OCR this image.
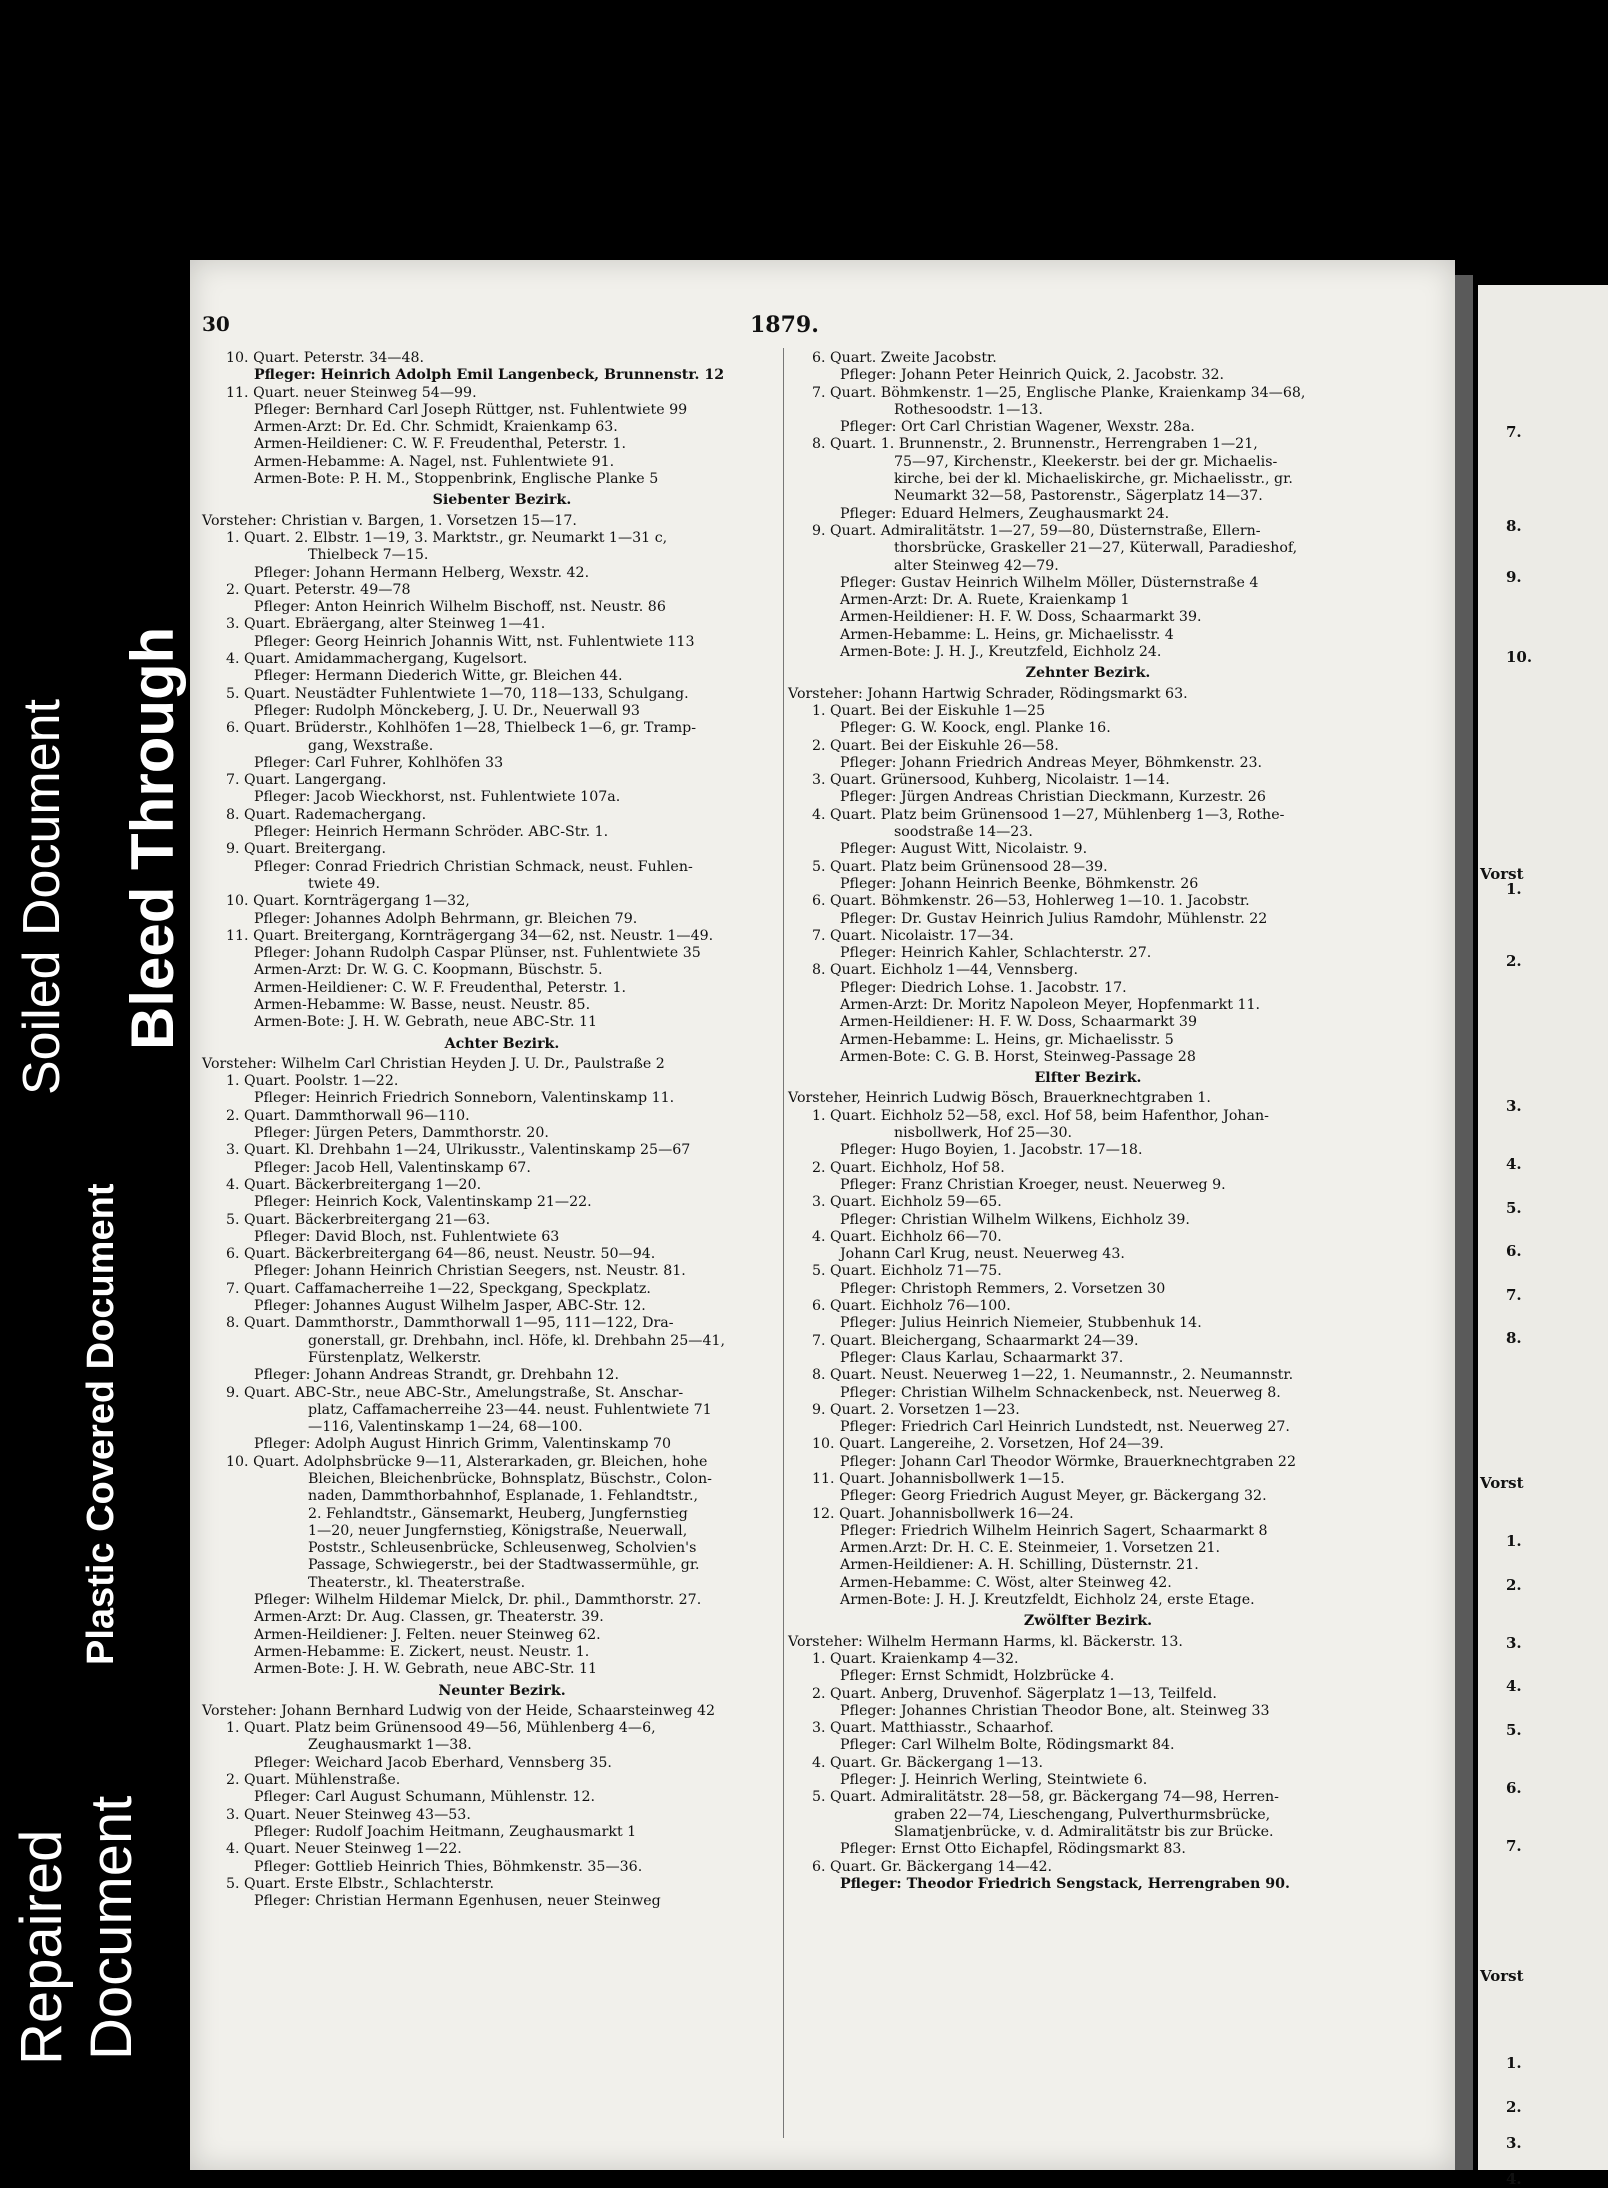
Soiled Document Bleed Through
Plastic Covered Document
Repaired Document
30	1879.
10. Quart. Peterstr. 34—48.
Pfleger: Heinrich Adolph Emil Langenbeck, Brunnenstr. 12
11. Quart. neuer Steinweg 54—99.
Pfleger: Bernhard Carl Joseph Rüttger, nst. Fuhlentwiete 99
Armen-Arzt: Dr. Ed. Chr. Schmidt, Kraienkamp 63.
Armen-Heildiener: C. W. F. Freudenthal, Peterstr. 1.
Armen-Hebamme: A. Nagel, nst. Fuhlentwiete 91.
Armen-Bote: P. H. M., Stoppenbrink, Englische Planke 5
Siebenter Bezirk.
Vorsteher: Christian v. Bargen, 1. Vorsetzen 15—17.
1. Quart. 2. Elbstr. 1—19, 3. Marktstr., gr. Neumarkt 1—31 c,
Thielbeck 7—15.
Pfleger: Johann Hermann Helberg, Wexstr. 42.
2. Quart. Peterstr. 49—78
Pfleger: Anton Heinrich Wilhelm Bischoff, nst. Neustr. 86
3. Quart. Ebräergang, alter Steinweg 1—41.
Pfleger: Georg Heinrich Johannis Witt, nst. Fuhlentwiete 113
4. Quart. Amidammachergang, Kugelsort.
Pfleger: Hermann Diederich Witte, gr. Bleichen 44.
5. Quart. Neustädter Fuhlentwiete 1—70, 118—133, Schulgang.
Pfleger: Rudolph Mönckeberg, J. U. Dr., Neuerwall 93
6. Quart. Brüderstr., Kohlhöfen 1—28, Thielbeck 1—6, gr. Tramp-
gang, Wexstraße.
Pfleger: Carl Fuhrer, Kohlhöfen 33
7. Quart. Langergang.
Pfleger: Jacob Wieckhorst, nst. Fuhlentwiete 107a.
8. Quart. Rademachergang.
Pfleger: Heinrich Hermann Schröder. ABC-Str. 1.
9. Quart. Breitergang.
Pfleger: Conrad Friedrich Christian Schmack, neust. Fuhlen-
twiete 49.
10. Quart. Kornträgergang 1—32,
Pfleger: Johannes Adolph Behrmann, gr. Bleichen 79.
11. Quart. Breitergang, Kornträgergang 34—62, nst. Neustr. 1—49.
Pfleger: Johann Rudolph Caspar Plünser, nst. Fuhlentwiete 35
Armen-Arzt: Dr. W. G. C. Koopmann, Büschstr. 5.
Armen-Heildiener: C. W. F. Freudenthal, Peterstr. 1.
Armen-Hebamme: W. Basse, neust. Neustr. 85.
Armen-Bote: J. H. W. Gebrath, neue ABC-Str. 11
Achter Bezirk.
Vorsteher: Wilhelm Carl Christian Heyden J. U. Dr., Paulstraße 2
1. Quart. Poolstr. 1—22.
Pfleger: Heinrich Friedrich Sonneborn, Valentinskamp 11.
2. Quart. Dammthorwall 96—110.
Pfleger: Jürgen Peters, Dammthorstr. 20.
3. Quart. Kl. Drehbahn 1—24, Ulrikusstr., Valentinskamp 25—67
Pfleger: Jacob Hell, Valentinskamp 67.
4. Quart. Bäckerbreitergang 1—20.
Pfleger: Heinrich Kock, Valentinskamp 21—22.
5. Quart. Bäckerbreitergang 21—63.
Pfleger: David Bloch, nst. Fuhlentwiete 63
6. Quart. Bäckerbreitergang 64—86, neust. Neustr. 50—94.
Pfleger: Johann Heinrich Christian Seegers, nst. Neustr. 81.
7. Quart. Caffamacherreihe 1—22, Speckgang, Speckplatz.
Pfleger: Johannes August Wilhelm Jasper, ABC-Str. 12.
8. Quart. Dammthorstr., Dammthorwall 1—95, 111—122, Dra-
gonerstall, gr. Drehbahn, incl. Höfe, kl. Drehbahn 25—41,
Fürstenplatz, Welkerstr.
Pfleger: Johann Andreas Strandt, gr. Drehbahn 12.
9. Quart. ABC-Str., neue ABC-Str., Amelungstraße, St. Anschar-
platz, Caffamacherreihe 23—44. neust. Fuhlentwiete 71
—116, Valentinskamp 1—24, 68—100.
Pfleger: Adolph August Hinrich Grimm, Valentinskamp 70
10. Quart. Adolphsbrücke 9—11, Alsterarkaden, gr. Bleichen, hohe
Bleichen, Bleichenbrücke, Bohnsplatz, Büschstr., Colon-
naden, Dammthorbahnhof, Esplanade, 1. Fehlandtstr.,
2. Fehlandtstr., Gänsemarkt, Heuberg, Jungfernstieg
1—20, neuer Jungfernstieg, Königstraße, Neuerwall,
Poststr., Schleusenbrücke, Schleusenweg, Scholvien's
Passage, Schwiegerstr., bei der Stadtwassermühle, gr.
Theaterstr., kl. Theaterstraße.
Pfleger: Wilhelm Hildemar Mielck, Dr. phil., Dammthorstr. 27.
Armen-Arzt: Dr. Aug. Classen, gr. Theaterstr. 39.
Armen-Heildiener: J. Felten. neuer Steinweg 62.
Armen-Hebamme: E. Zickert, neust. Neustr. 1.
Armen-Bote: J. H. W. Gebrath, neue ABC-Str. 11
Neunter Bezirk.
Vorsteher: Johann Bernhard Ludwig von der Heide, Schaarsteinweg 42
1. Quart. Platz beim Grünensood 49—56, Mühlenberg 4—6,
Zeughausmarkt 1—38.
Pfleger: Weichard Jacob Eberhard, Vennsberg 35.
2. Quart. Mühlenstraße.
Pfleger: Carl August Schumann, Mühlenstr. 12.
3. Quart. Neuer Steinweg 43—53.
Pfleger: Rudolf Joachim Heitmann, Zeughausmarkt 1
4. Quart. Neuer Steinweg 1—22.
Pfleger: Gottlieb Heinrich Thies, Böhmkenstr. 35—36.
5. Quart. Erste Elbstr., Schlachterstr.
Pfleger: Christian Hermann Egenhusen, neuer Steinweg
6. Quart. Zweite Jacobstr.
Pfleger: Johann Peter Heinrich Quick, 2. Jacobstr. 32.
7. Quart. Böhmkenstr. 1—25, Englische Planke, Kraienkamp 34—68,
Rothesoodstr. 1—13.
Pfleger: Ort Carl Christian Wagener, Wexstr. 28a.
8. Quart. 1. Brunnenstr., 2. Brunnenstr., Herrengraben 1—21,
75—97, Kirchenstr., Kleekerstr. bei der gr. Michaelis-
kirche, bei der kl. Michaeliskirche, gr. Michaelisstr., gr.
Neumarkt 32—58, Pastorenstr., Sägerplatz 14—37.
Pfleger: Eduard Helmers, Zeughausmarkt 24.
9. Quart. Admiralitätstr. 1—27, 59—80, Düsternstraße, Ellern-
thorsbrücke, Graskeller 21—27, Küterwall, Paradieshof,
alter Steinweg 42—79.
Pfleger: Gustav Heinrich Wilhelm Möller, Düsternstraße 4
Armen-Arzt: Dr. A. Ruete, Kraienkamp 1
Armen-Heildiener: H. F. W. Doss, Schaarmarkt 39.
Armen-Hebamme: L. Heins, gr. Michaelisstr. 4
Armen-Bote: J. H. J., Kreutzfeld, Eichholz 24.
Zehnter Bezirk.
Vorsteher: Johann Hartwig Schrader, Rödingsmarkt 63.
1. Quart. Bei der Eiskuhle 1—25
Pfleger: G. W. Koock, engl. Planke 16.
2. Quart. Bei der Eiskuhle 26—58.
Pfleger: Johann Friedrich Andreas Meyer, Böhmkenstr. 23.
3. Quart. Grünersood, Kuhberg, Nicolaistr. 1—14.
Pfleger: Jürgen Andreas Christian Dieckmann, Kurzestr. 26
4. Quart. Platz beim Grünensood 1—27, Mühlenberg 1—3, Rothe-
soodstraße 14—23.
Pfleger: August Witt, Nicolaistr. 9.
5. Quart. Platz beim Grünensood 28—39.
Pfleger: Johann Heinrich Beenke, Böhmkenstr. 26
6. Quart. Böhmkenstr. 26—53, Hohlerweg 1—10. 1. Jacobstr.
Pfleger: Dr. Gustav Heinrich Julius Ramdohr, Mühlenstr. 22
7. Quart. Nicolaistr. 17—34.
Pfleger: Heinrich Kahler, Schlachterstr. 27.
8. Quart. Eichholz 1—44, Vennsberg.
Pfleger: Diedrich Lohse. 1. Jacobstr. 17.
Armen-Arzt: Dr. Moritz Napoleon Meyer, Hopfenmarkt 11.
Armen-Heildiener: H. F. W. Doss, Schaarmarkt 39
Armen-Hebamme: L. Heins, gr. Michaelisstr. 5
Armen-Bote: C. G. B. Horst, Steinweg-Passage 28
Elfter Bezirk.
Vorsteher, Heinrich Ludwig Bösch, Brauerknechtgraben 1.
1. Quart. Eichholz 52—58, excl. Hof 58, beim Hafenthor, Johan-
nisbollwerk, Hof 25—30.
Pfleger: Hugo Boyien, 1. Jacobstr. 17—18.
2. Quart. Eichholz, Hof 58.
Pfleger: Franz Christian Kroeger, neust. Neuerweg 9.
3. Quart. Eichholz 59—65.
Pfleger: Christian Wilhelm Wilkens, Eichholz 39.
4. Quart. Eichholz 66—70.
Johann Carl Krug, neust. Neuerweg 43.
5. Quart. Eichholz 71—75.
Pfleger: Christoph Remmers, 2. Vorsetzen 30
6. Quart. Eichholz 76—100.
Pfleger: Julius Heinrich Niemeier, Stubbenhuk 14.
7. Quart. Bleichergang, Schaarmarkt 24—39.
Pfleger: Claus Karlau, Schaarmarkt 37.
8. Quart. Neust. Neuerweg 1—22, 1. Neumannstr., 2. Neumannstr.
Pfleger: Christian Wilhelm Schnackenbeck, nst. Neuerweg 8.
9. Quart. 2. Vorsetzen 1—23.
Pfleger: Friedrich Carl Heinrich Lundstedt, nst. Neuerweg 27.
10. Quart. Langereihe, 2. Vorsetzen, Hof 24—39.
Pfleger: Johann Carl Theodor Wörmke, Brauerknechtgraben 22
11. Quart. Johannisbollwerk 1—15.
Pfleger: Georg Friedrich August Meyer, gr. Bäckergang 32.
12. Quart. Johannisbollwerk 16—24.
Pfleger: Friedrich Wilhelm Heinrich Sagert, Schaarmarkt 8
Armen.Arzt: Dr. H. C. E. Steinmeier, 1. Vorsetzen 21.
Armen-Heildiener: A. H. Schilling, Düsternstr. 21.
Armen-Hebamme: C. Wöst, alter Steinweg 42.
Armen-Bote: J. H. J. Kreutzfeldt, Eichholz 24, erste Etage.
Zwölfter Bezirk.
Vorsteher: Wilhelm Hermann Harms, kl. Bäckerstr. 13.
1. Quart. Kraienkamp 4—32.
Pfleger: Ernst Schmidt, Holzbrücke 4.
2. Quart. Anberg, Druvenhof. Sägerplatz 1—13, Teilfeld.
Pfleger: Johannes Christian Theodor Bone, alt. Steinweg 33
3. Quart. Matthiasstr., Schaarhof.
Pfleger: Carl Wilhelm Bolte, Rödingsmarkt 84.
4. Quart. Gr. Bäckergang 1—13.
Pfleger: J. Heinrich Werling, Steintwiete 6.
5. Quart. Admiralitätstr. 28—58, gr. Bäckergang 74—98, Herren-
graben 22—74, Lieschengang, Pulverthurmsbrücke,
Slamatjenbrücke, v. d. Admiralitätstr bis zur Brücke.
Pfleger: Ernst Otto Eichapfel, Rödingsmarkt 83.
6. Quart. Gr. Bäckergang 14—42.
Pfleger: Theodor Friedrich Sengstack, Herrengraben 90.
7.
8.
9.
10.
Vorst
1.
2.
3.
4.
5.
6.
7.
8.
Vorst
1.
2.
3.
4.
5.
6.
7.
Vorst
1.
2.
3.
4.
